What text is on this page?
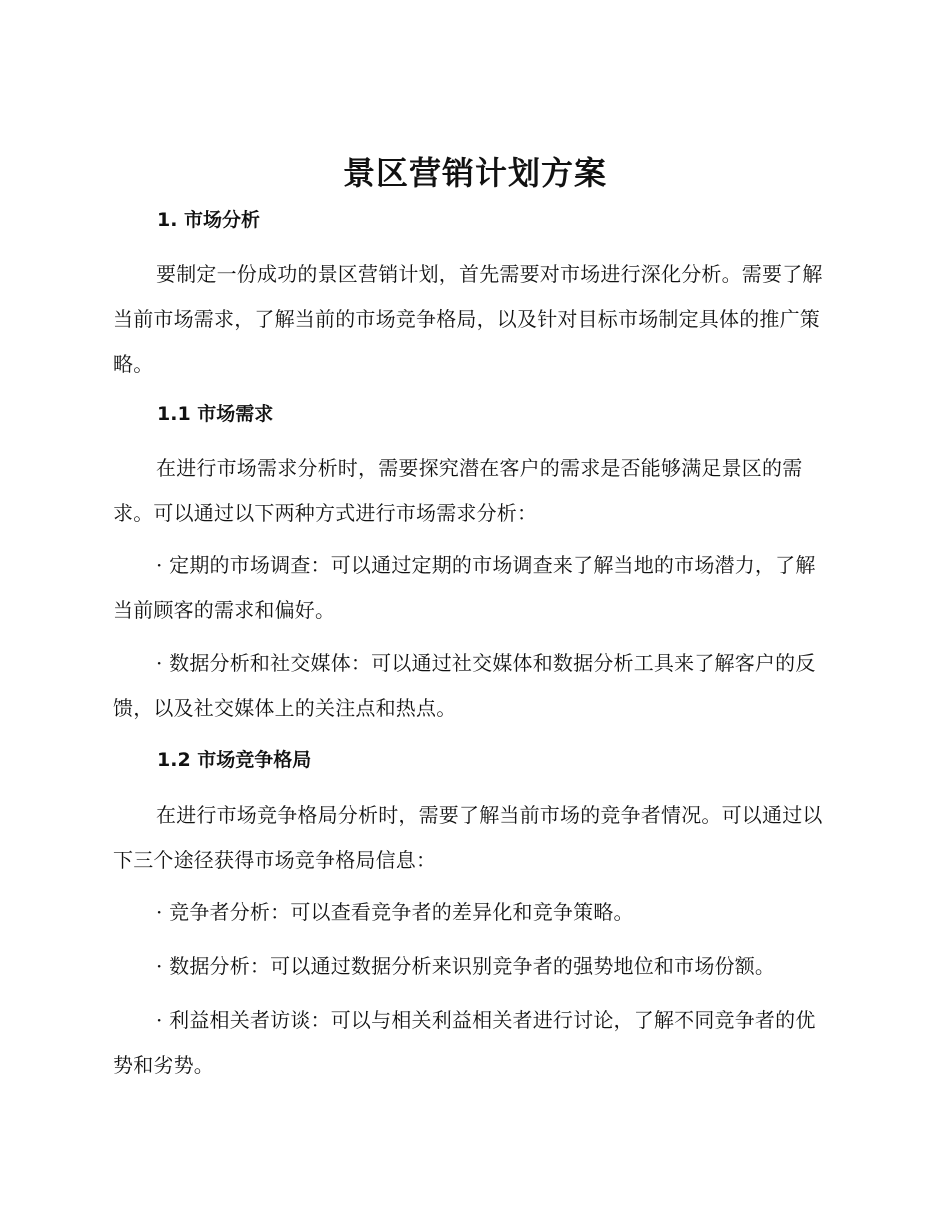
景区营销计划方案
1. 市场分析

要制定一份成功的景区营销计划，首先需要对市场进行深化分析。需要了解当前市场需求，了解当前的市场竞争格局，以及针对目标市场制定具体的推广策略。

1.1 市场需求

在进行市场需求分析时，需要探究潜在客户的需求是否能够满足景区的需求。可以通过以下两种方式进行市场需求分析：

· 定期的市场调查：可以通过定期的市场调查来了解当地的市场潜力，了解当前顾客的需求和偏好。

· 数据分析和社交媒体：可以通过社交媒体和数据分析工具来了解客户的反馈，以及社交媒体上的关注点和热点。

1.2 市场竞争格局

在进行市场竞争格局分析时，需要了解当前市场的竞争者情况。可以通过以下三个途径获得市场竞争格局信息：

· 竞争者分析：可以查看竞争者的差异化和竞争策略。

· 数据分析：可以通过数据分析来识别竞争者的强势地位和市场份额。

· 利益相关者访谈：可以与相关利益相关者进行讨论，了解不同竞争者的优势和劣势。
